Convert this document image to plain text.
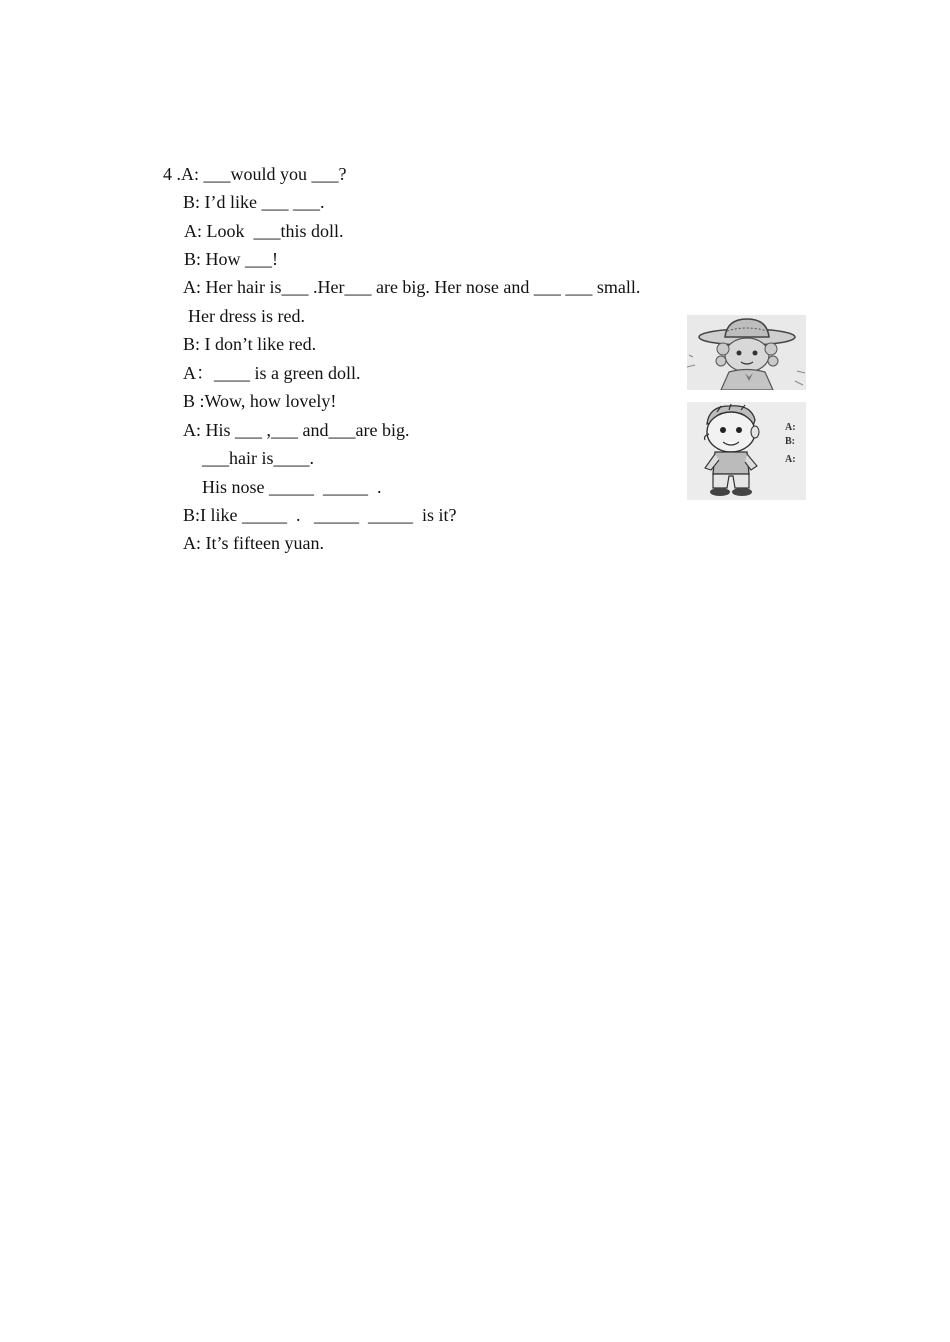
4 .A: ___would you ___?
B: I’d like ___ ___.
A: Look  ___this doll.
B: How ___!
A: Her hair is___ .Her___ are big. Her nose and ___ ___ small.
Her dress is red.
B: I don’t like red.
A：____ is a green doll.
B :Wow, how lovely!
A: His ___ ,___ and___are big.
___hair is____.
His nose _____  _____  .
B:I like _____  .   _____  _____  is it?
A: It’s fifteen yuan.
A:
B:
A:
